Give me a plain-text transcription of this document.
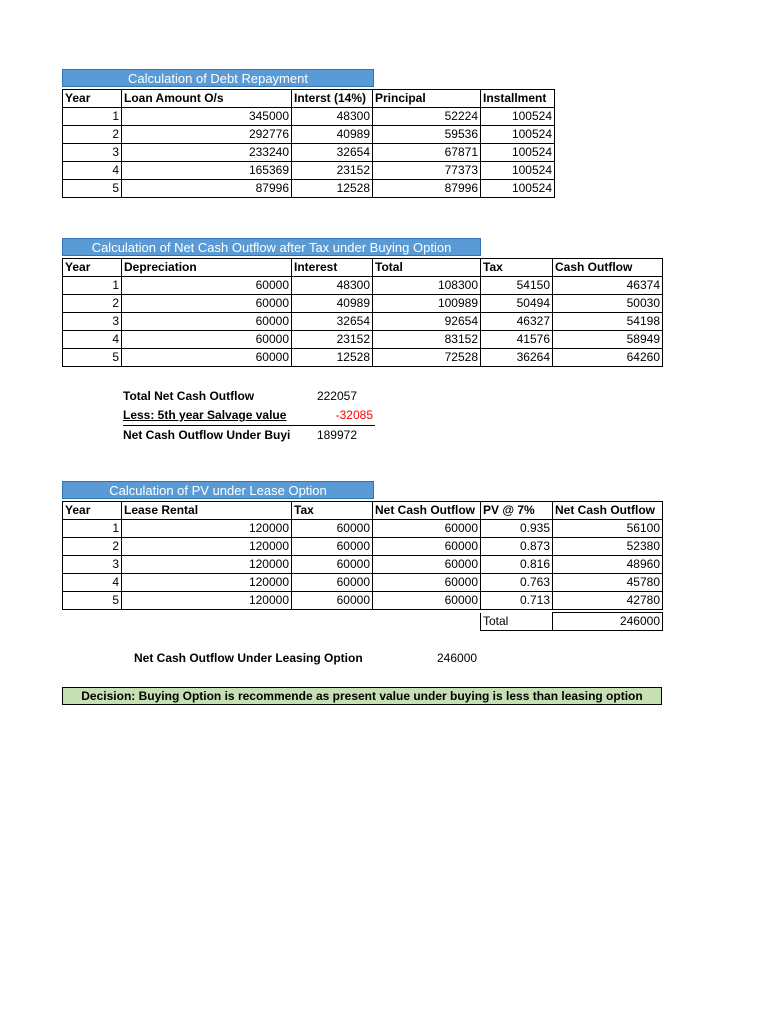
Calculation of Debt Repayment
Year	Loan Amount O/s	Interst (14%)	Principal	Installment
1	345000	48300	52224	100524
2	292776	40989	59536	100524
3	233240	32654	67871	100524
4	165369	23152	77373	100524
5	87996	12528	87996	100524
Calculation of Net Cash Outflow after Tax under Buying Option
Year	Depreciation	Interest	Total	Tax	Cash Outflow
1	60000	48300	108300	54150	46374
2	60000	40989	100989	50494	50030
3	60000	32654	92654	46327	54198
4	60000	23152	83152	41576	58949
5	60000	12528	72528	36264	64260
Total Net Cash Outflow	222057
Less: 5th year Salvage value	-32085
Net Cash Outflow Under Buyi 189972
Calculation of PV under Lease Option
Year	Lease Rental	Tax	Net Cash Outflow	PV @ 7%	Net Cash Outflow
1	120000	60000	60000	0.935	56100
2	120000	60000	60000	0.873	52380
3	120000	60000	60000	0.816	48960
4	120000	60000	60000	0.763	45780
5	120000	60000	60000	0.713	42780
Total	246000
Net Cash Outflow Under Leasing Option	246000
Decision: Buying Option is recommende as present value under buying is less than leasing option
